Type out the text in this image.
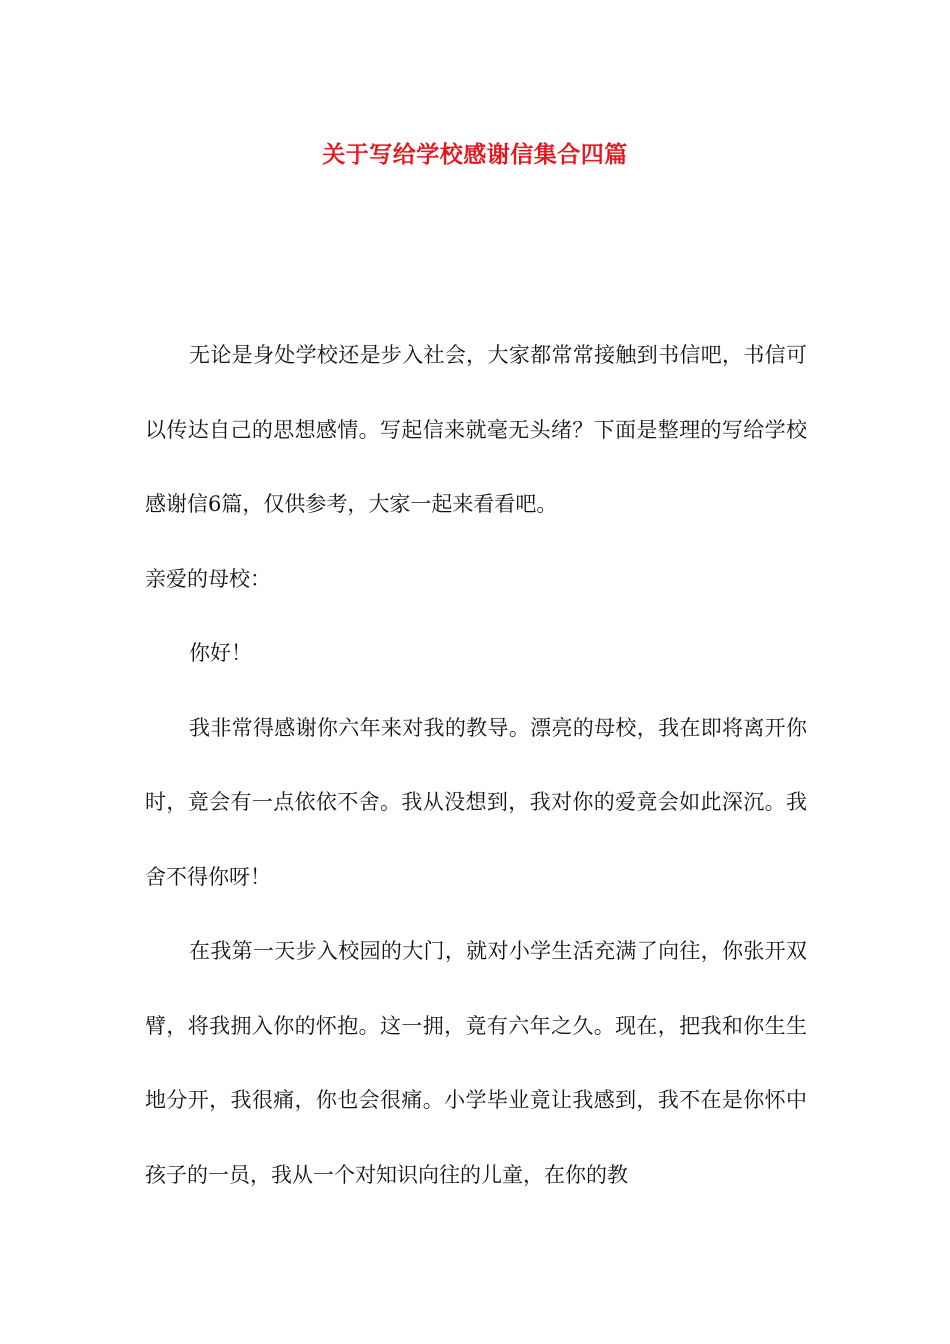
关于写给学校感谢信集合四篇

无论是身处学校还是步入社会，大家都常常接触到书信吧，书信可以传达自己的思想感情。写起信来就毫无头绪？下面是整理的写给学校感谢信6篇，仅供参考，大家一起来看看吧。

亲爱的母校：

你好！

我非常得感谢你六年来对我的教导。漂亮的母校，我在即将离开你时，竟会有一点依依不舍。我从没想到，我对你的爱竟会如此深沉。我舍不得你呀！

在我第一天步入校园的大门，就对小学生活充满了向往，你张开双臂，将我拥入你的怀抱。这一拥，竟有六年之久。现在，把我和你生生地分开，我很痛，你也会很痛。小学毕业竟让我感到，我不在是你怀中孩子的一员，我从一个对知识向往的儿童，在你的教
